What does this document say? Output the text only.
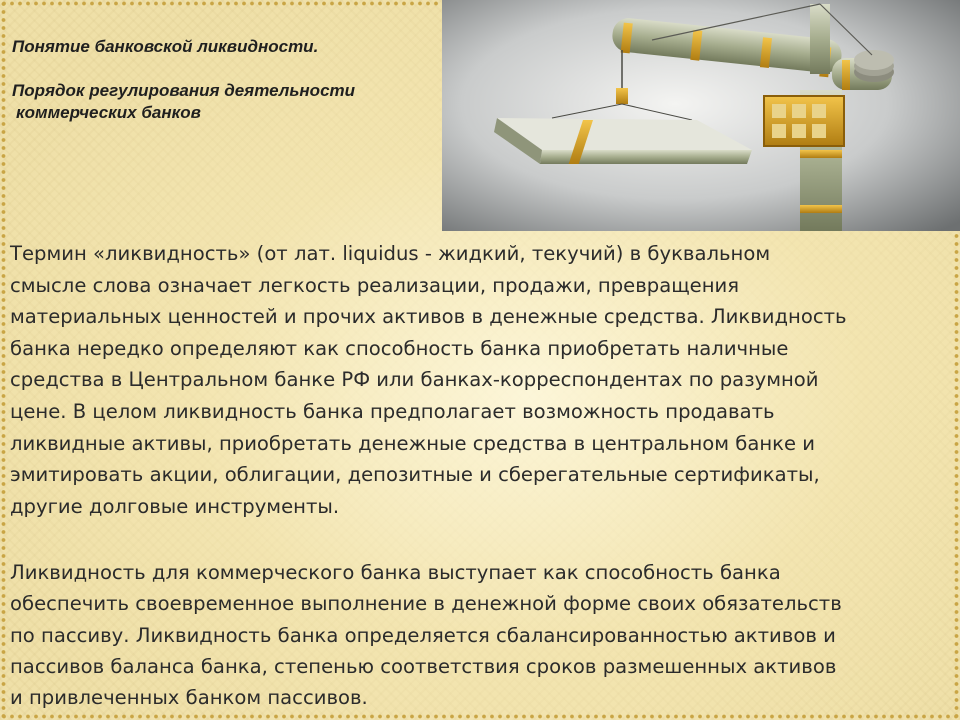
Понятие банковской ликвидности.
Порядок регулирования деятельности
коммерческих банков

Термин «ликвидность» (от лат. liquidus - жидкий, текучий) в буквальном
смысле слова означает легкость реализации, продажи, превращения
материальных ценностей и прочих активов в денежные средства. Ликвидность
банка нередко определяют как способность банка приобретать наличные
средства в Центральном банке РФ или банках-корреспондентах по разумной
цене. В целом ликвидность банка предполагает возможность продавать
ликвидные активы, приобретать денежные средства в центральном банке и
эмитировать акции, облигации, депозитные и сберегательные сертификаты,
другие долговые инструменты.

Ликвидность для коммерческого банка выступает как способность банка
обеспечить своевременное выполнение в денежной форме своих обязательств
по пассиву. Ликвидность банка определяется сбалансированностью активов и
пассивов баланса банка, степенью соответствия сроков размешенных активов
и привлеченных банком пассивов.
